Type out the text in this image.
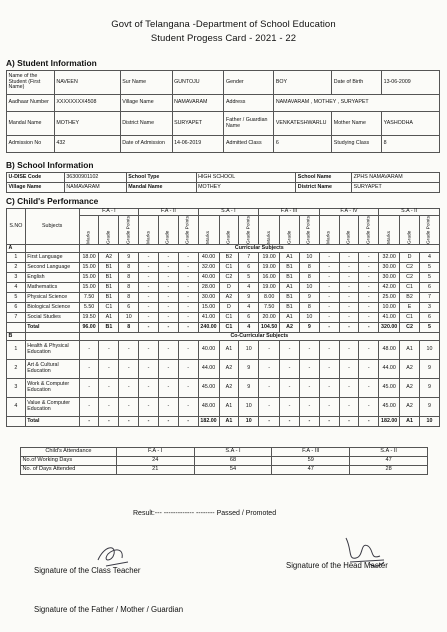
Govt of Telangana -Department of School Education
Student Progess Card - 2021 - 22
A) Student Information
Name of the Student (First Name)	NAVEEN	Sur Name	GUNTOJU	Gender	BOY	Date of Birth	13-06-2009
Aadhaar Number	XXXXXXXX4508	Village Name	NAMAVARAM	Address	NAMAVARAM , MOTHEY , SURYAPET		
Mandal Name	MOTHEY	District Name	SURYAPET	Father / Guardian Name	VENKATESHWARLU	Mother Name	YASHODHA
Admission No	432	Date of Admission	14-06-2019	Admitted Class	6	Studying Class	8
B) School Information
U-DISE Code	36300901102	School Type	HIGH SCHOOL	School Name	ZPHS NAMAVARAM
Village Name	NAMAVARAM	Mandal Name	MOTHEY	District Name	SURYAPET
C) Child's Performance
S.NO	Subjects	F.A - I			F.A - II			S.A - I			F.A - III			F.A - IV			S.A - II		
		Marks	Grade	Grade Points	Marks	Grade	Grade Points	Marks	Grade	Grade Points	Marks	Grade	Grade Points	Marks	Grade	Grade Points	Marks	Grade	Grade Points
A		Curricular Subjects																	
1	First Language	18.00	A2	9	-	-	-	40.00	B2	7	19.00	A1	10	-	-	-	32.00	D	4
2	Second Language	15.00	B1	8	-	-	-	32.00	C1	6	19.00	B1	8	-	-	-	30.00	C2	5
3	English	15.00	B1	8	-	-	-	40.00	C2	5	16.00	B1	8	-	-	-	30.00	C2	5
4	Mathematics	15.00	B1	8	-	-	-	28.00	D	4	19.00	A1	10	-	-	-	42.00	C1	6
5	Physical Science	7.50	B1	8	-	-	-	30.00	A2	9	8.00	B1	9	-	-	-	25.00	B2	7
6	Biological Science	5.50	C1	6	-	-	-	15.00	D	4	7.50	B1	8	-	-	-	10.00	E	3
7	Social Studies	19.50	A1	10	-	-	-	41.00	C1	6	20.00	A1	10	-	-	-	41.00	C1	6
	Total	96.00	B1	8	-	-	-	240.00	C1	4	104.50	A2	9	-	-	-	320.00	C2	5
B		Co-Curricular Subjects																	
1	Health & Physical Education	-	-	-	-	-	-	40.00	A1	10	-	-	-	-	-	-	48.00	A1	10
2	Art & Cultural Education	-	-	-	-	-	-	44.00	A2	9	-	-	-	-	-	-	44.00	A2	9
3	Work & Computer Education	-	-	-	-	-	-	45.00	A2	9	-	-	-	-	-	-	45.00	A2	9
4	Value & Computer Education	-	-	-	-	-	-	48.00	A1	10	-	-	-	-	-	-	45.00	A2	9
	Total	-	-	-	-	-	-	182.00	A1	10	-	-	-	-	-	-	182.00	A1	10
Child's Attendance	F.A - I	S.A - I	F.A - III	S.A - II
No.of Working Days	24	68	59	47
No. of Days Attended	21	54	47	28
Result:--- ------------- -------- Passed / Promoted
Signature of the Class Teacher
Signature of the Head Master
Signature of the Father / Mother / Guardian
